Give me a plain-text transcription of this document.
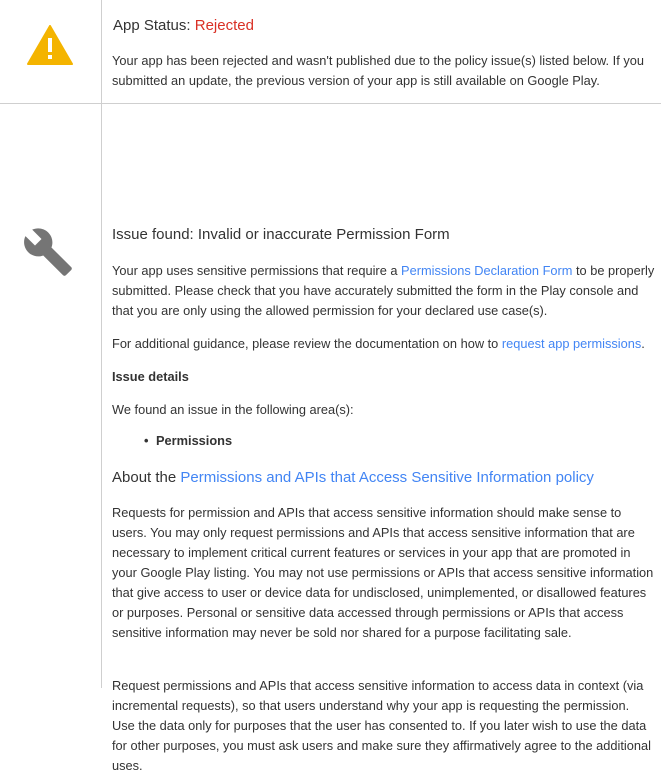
App Status: Rejected

Your app has been rejected and wasn't published due to the policy issue(s) listed below. If you submitted an update, the previous version of your app is still available on Google Play.

Issue found: Invalid or inaccurate Permission Form

Your app uses sensitive permissions that require a Permissions Declaration Form to be properly submitted. Please check that you have accurately submitted the form in the Play console and that you are only using the allowed permission for your declared use case(s).

For additional guidance, please review the documentation on how to request app permissions.

Issue details

We found an issue in the following area(s):

• Permissions
About the Permissions and APIs that Access Sensitive Information policy

Requests for permission and APIs that access sensitive information should make sense to users. You may only request permissions and APIs that access sensitive information that are necessary to implement critical current features or services in your app that are promoted in your Google Play listing. You may not use permissions or APIs that access sensitive information that give access to user or device data for undisclosed, unimplemented, or disallowed features or purposes. Personal or sensitive data accessed through permissions or APIs that access sensitive information may never be sold nor shared for a purpose facilitating sale.

Request permissions and APIs that access sensitive information to access data in context (via incremental requests), so that users understand why your app is requesting the permission. Use the data only for purposes that the user has consented to. If you later wish to use the data for other purposes, you must ask users and make sure they affirmatively agree to the additional uses.
